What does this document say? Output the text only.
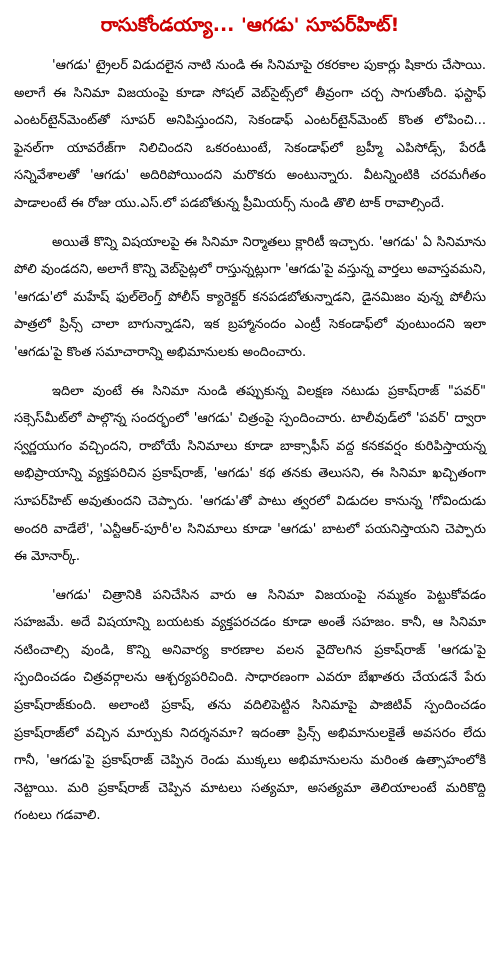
రాసుకోండయ్యా... 'ఆగడు' సూపర్‌హిట్!

'ఆగడు' ట్రైలర్ విడుదలైన నాటి నుండి ఈ సినిమాపై రకరకాల పుకార్లు షికారు చేసాయి. అలాగే ఈ సినిమా విజయంపై కూడా సోషల్ వెబ్‌సైట్స్‌లో తీవ్రంగా చర్చ సాగుతోంది. ఫస్టాఫ్ ఎంటర్‌టైన్‌మెంట్‌తో సూపర్ అనిపిస్తుందని, సెకండాఫ్ ఎంటర్‌టైన్‌మెంట్ కొంత లోపించి... ఫైనల్‌గా యావరేజ్‌గా నిలిచిందని ఒకరంటుంటే, సెకండాఫ్‌లో బ్రహ్మీ ఎపిసోడ్స్, పేరడీ సన్నివేశాలతో 'ఆగడు' అదిరిపోయిందని మరొకరు అంటున్నారు. వీటన్నింటికి చరమగీతం పాడాలంటే ఈ రోజు యు.ఎస్.లో పడబోతున్న ప్రీమియర్స్ నుండి తొలి టాక్ రావాల్సిందే.

అయితే కొన్ని విషయాలపై ఈ సినిమా నిర్మాతలు క్లారిటీ ఇచ్చారు. 'ఆగడు' ఏ సినిమాను పోలి వుండదని, అలాగే కొన్ని వెబ్‌సైట్లలో రాస్తున్నట్లుగా 'ఆగడు'పై వస్తున్న వార్తలు అవాస్తవమని, 'ఆగడు'లో మహేష్ ఫుల్‌లెంగ్త్ పోలీస్ క్యారెక్టర్ కనపడబోతున్నాడని, డైనమిజం వున్న పోలీసు పాత్రలో ప్రిన్స్ చాలా బాగున్నాడని, ఇక బ్రహ్మానందం ఎంట్రీ సెకండాఫ్‌లో వుంటుందని ఇలా 'ఆగడు'పై కొంత సమాచారాన్ని అభిమానులకు అందించారు.

ఇదిలా వుంటే ఈ సినిమా నుండి తప్పుకున్న విలక్షణ నటుడు ప్రకాష్‌రాజ్ "పవర్" సక్సెస్‌మీట్‌లో పాల్గొన్న సందర్భంలో 'ఆగడు' చిత్రంపై స్పందించారు. టాలీవుడ్‌లో 'పవర్' ద్వారా స్వర్ణయుగం వచ్చిందని, రాబోయే సినిమాలు కూడా బాక్సాఫీస్ వద్ద కనకవర్షం కురిపిస్తాయన్న అభిప్రాయాన్ని వ్యక్తపరిచిన ప్రకాష్‌రాజ్, 'ఆగడు' కథ తనకు తెలుసని, ఈ సినిమా ఖచ్చితంగా సూపర్‌హిట్ అవుతుందని చెప్పారు. 'ఆగడు'తో పాటు త్వరలో విడుదల కానున్న 'గోవిందుడు అందరి వాడేలే', 'ఎన్టీఆర్-పూరీ'ల సినిమాలు కూడా 'ఆగడు' బాటలో పయనిస్తాయని చెప్పారు ఈ మోనార్క్.

'ఆగడు' చిత్రానికి పనిచేసిన వారు ఆ సినిమా విజయంపై నమ్మకం పెట్టుకోవడం సహజమే. అదే విషయాన్ని బయటకు వ్యక్తపరచడం కూడా అంతే సహజం. కానీ, ఆ సినిమా నటించాల్సి వుండి, కొన్ని అనివార్య కారణాల వలన వైదొలగిన ప్రకాష్‌రాజ్ 'ఆగడు'పై స్పందించడం చిత్రవర్గాలను ఆశ్చర్యపరిచింది. సాధారణంగా ఎవరూ బేఖాతరు చేయడనే పేరు ప్రకాష్‌రాజ్‌కుంది. అలాంటి ప్రకాష్, తను వదిలిపెట్టిన సినిమాపై పాజిటివ్ స్పందించడం ప్రకాష్‌రాజ్‌లో వచ్చిన మార్పుకు నిదర్శనమా? ఇదంతా ప్రిన్స్ అభిమానులకైతే అవసరం లేదు గానీ, 'ఆగడు'పై ప్రకాష్‌రాజ్ చెప్పిన రెండు ముక్కలు అభిమానులను మరింత ఉత్సాహంలోకి నెట్టాయి. మరి ప్రకాష్‌రాజ్ చెప్పిన మాటలు సత్యమా, అసత్యమా తెలియాలంటే మరికొద్ది గంటలు గడవాలి.
